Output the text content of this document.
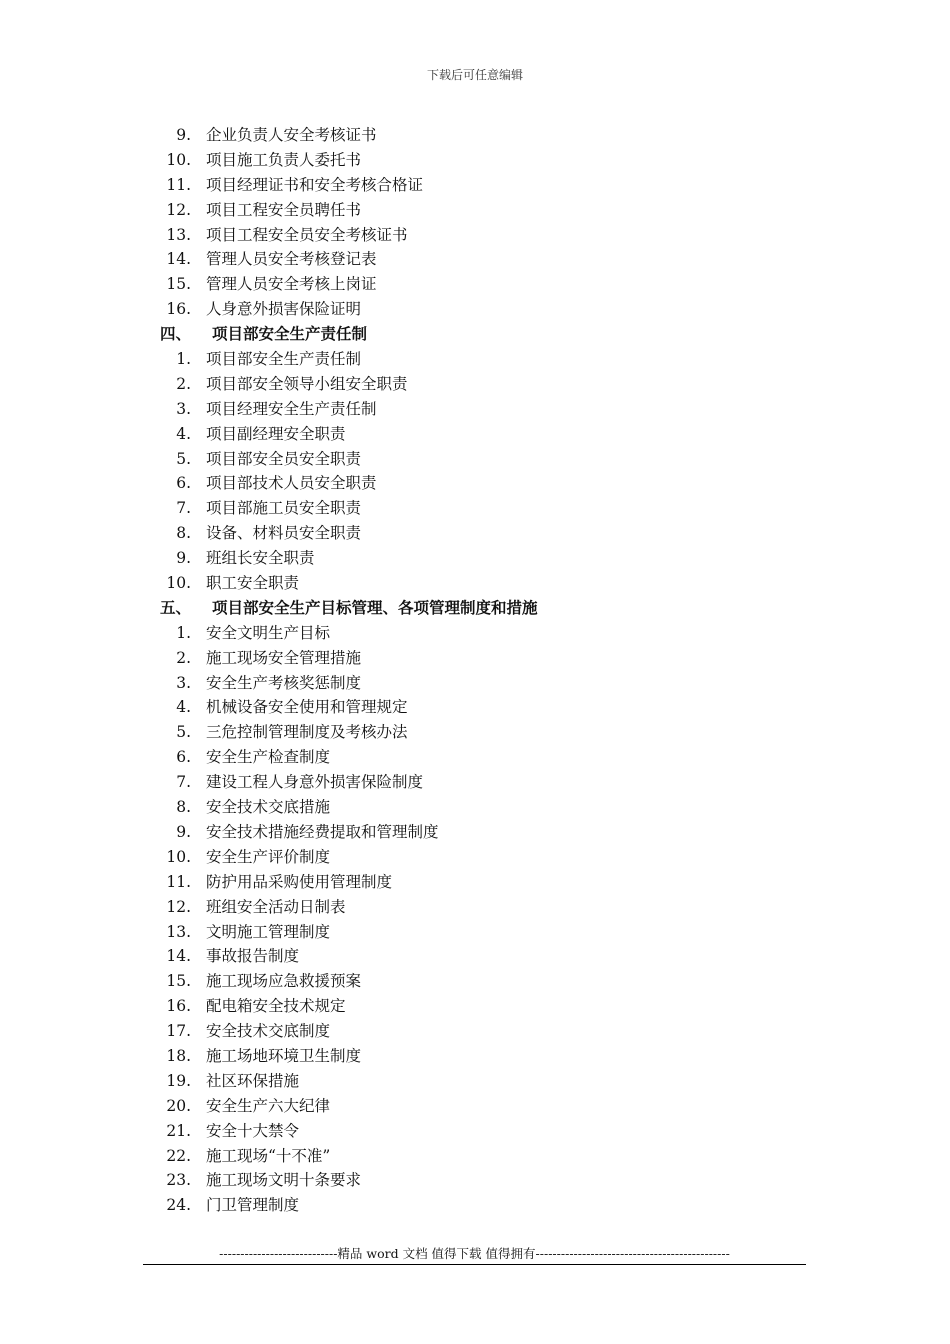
下载后可任意编辑
9. 企业负责人安全考核证书
10. 项目施工负责人委托书
11. 项目经理证书和安全考核合格证
12. 项目工程安全员聘任书
13. 项目工程安全员安全考核证书
14. 管理人员安全考核登记表
15. 管理人员安全考核上岗证
16. 人身意外损害保险证明
四、 项目部安全生产责任制
1. 项目部安全生产责任制
2. 项目部安全领导小组安全职责
3. 项目经理安全生产责任制
4. 项目副经理安全职责
5. 项目部安全员安全职责
6. 项目部技术人员安全职责
7. 项目部施工员安全职责
8. 设备、材料员安全职责
9. 班组长安全职责
10. 职工安全职责
五、 项目部安全生产目标管理、各项管理制度和措施
1. 安全文明生产目标
2. 施工现场安全管理措施
3. 安全生产考核奖惩制度
4. 机械设备安全使用和管理规定
5. 三危控制管理制度及考核办法
6. 安全生产检查制度
7. 建设工程人身意外损害保险制度
8. 安全技术交底措施
9. 安全技术措施经费提取和管理制度
10. 安全生产评价制度
11. 防护用品采购使用管理制度
12. 班组安全活动日制表
13. 文明施工管理制度
14. 事故报告制度
15. 施工现场应急救援预案
16. 配电箱安全技术规定
17. 安全技术交底制度
18. 施工场地环境卫生制度
19. 社区环保措施
20. 安全生产六大纪律
21. 安全十大禁令
22. 施工现场“十不准”
23. 施工现场文明十条要求
24. 门卫管理制度
----------------------------精品 word 文档 值得下载 值得拥有----------------------------------------------
